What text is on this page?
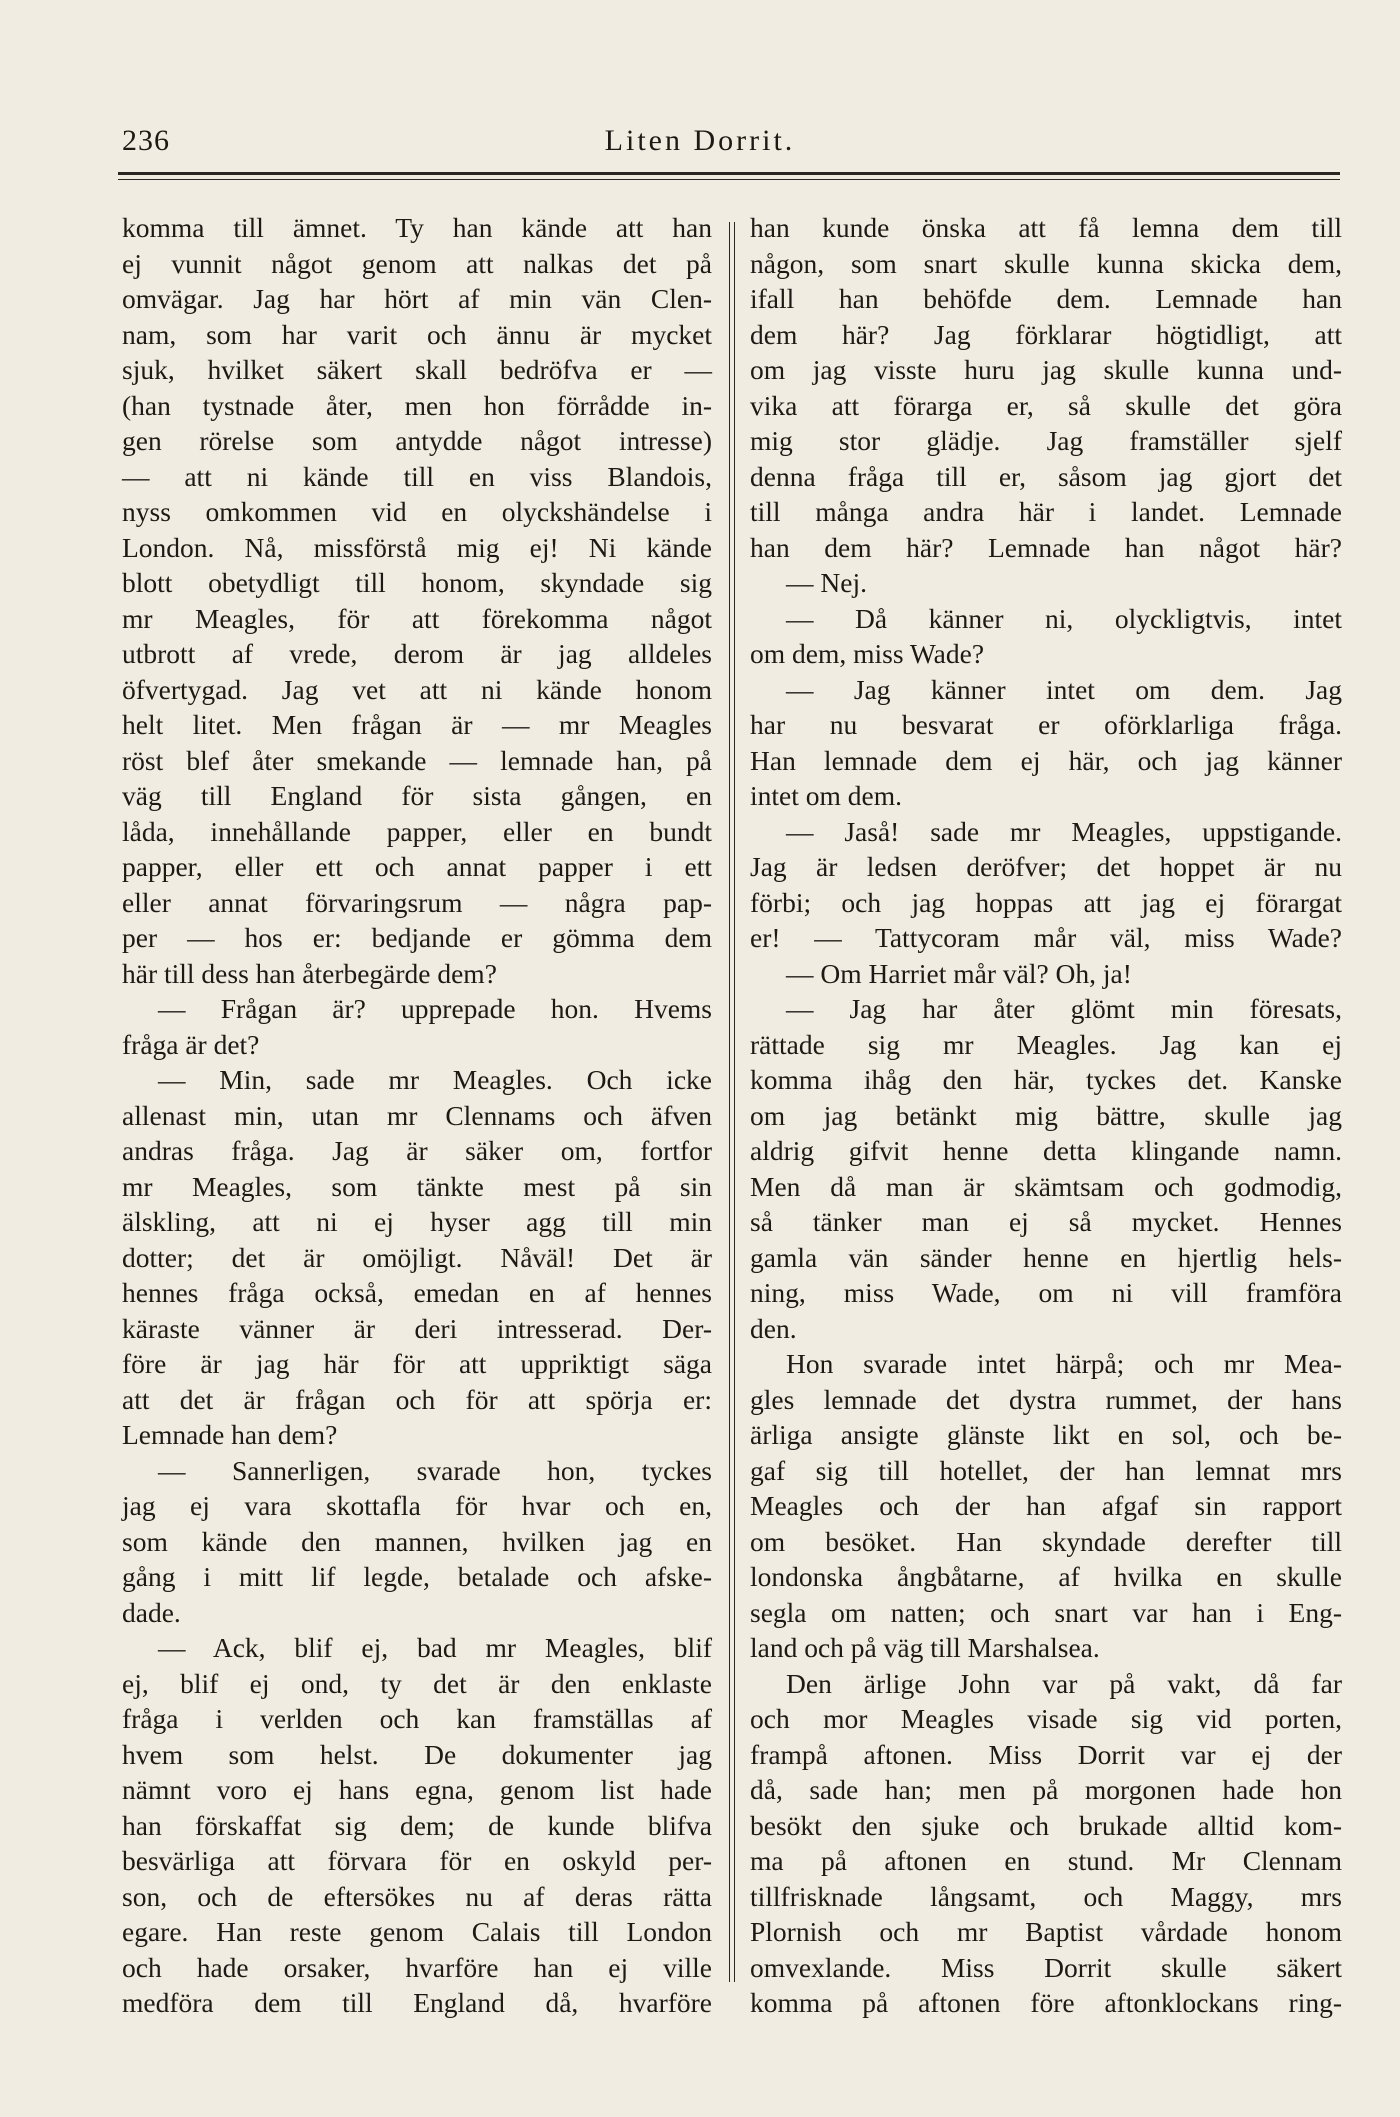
236	Liten Dorrit.
komma till ämnet. Ty han kände att han
ej vunnit något genom att nalkas det på
omvägar. Jag har hört af min vän Clen-
nam, som har varit och ännu är mycket
sjuk, hvilket säkert skall bedröfva er —
(han tystnade åter, men hon förrådde in-
gen rörelse som antydde något intresse)
— att ni kände till en viss Blandois,
nyss omkommen vid en olyckshändelse i
London. Nå, missförstå mig ej! Ni kände
blott obetydligt till honom, skyndade sig
mr Meagles, för att förekomma något
utbrott af vrede, derom är jag alldeles
öfvertygad. Jag vet att ni kände honom
helt litet. Men frågan är — mr Meagles
röst blef åter smekande — lemnade han, på
väg till England för sista gången, en
låda, innehållande papper, eller en bundt
papper, eller ett och annat papper i ett
eller annat förvaringsrum — några pap-
per — hos er: bedjande er gömma dem
här till dess han återbegärde dem?
— Frågan är? upprepade hon. Hvems
fråga är det?
— Min, sade mr Meagles. Och icke
allenast min, utan mr Clennams och äfven
andras fråga. Jag är säker om, fortfor
mr Meagles, som tänkte mest på sin
älskling, att ni ej hyser agg till min
dotter; det är omöjligt. Nåväl! Det är
hennes fråga också, emedan en af hennes
käraste vänner är deri intresserad. Der-
före är jag här för att uppriktigt säga
att det är frågan och för att spörja er:
Lemnade han dem?
— Sannerligen, svarade hon, tyckes
jag ej vara skottafla för hvar och en,
som kände den mannen, hvilken jag en
gång i mitt lif legde, betalade och afske-
dade.
— Ack, blif ej, bad mr Meagles, blif
ej, blif ej ond, ty det är den enklaste
fråga i verlden och kan framställas af
hvem som helst. De dokumenter jag
nämnt voro ej hans egna, genom list hade
han förskaffat sig dem; de kunde blifva
besvärliga att förvara för en oskyld per-
son, och de eftersökes nu af deras rätta
egare. Han reste genom Calais till London
och hade orsaker, hvarföre han ej ville
medföra dem till England då, hvarföre
han kunde önska att få lemna dem till
någon, som snart skulle kunna skicka dem,
ifall han behöfde dem. Lemnade han
dem här? Jag förklarar högtidligt, att
om jag visste huru jag skulle kunna und-
vika att förarga er, så skulle det göra
mig stor glädje. Jag framställer sjelf
denna fråga till er, såsom jag gjort det
till många andra här i landet. Lemnade
han dem här? Lemnade han något här?
— Nej.
— Då känner ni, olyckligtvis, intet
om dem, miss Wade?
— Jag känner intet om dem. Jag
har nu besvarat er oförklarliga fråga.
Han lemnade dem ej här, och jag känner
intet om dem.
— Jaså! sade mr Meagles, uppstigande.
Jag är ledsen deröfver; det hoppet är nu
förbi; och jag hoppas att jag ej förargat
er! — Tattycoram mår väl, miss Wade?
— Om Harriet mår väl? Oh, ja!
— Jag har åter glömt min föresats,
rättade sig mr Meagles. Jag kan ej
komma ihåg den här, tyckes det. Kanske
om jag betänkt mig bättre, skulle jag
aldrig gifvit henne detta klingande namn.
Men då man är skämtsam och godmodig,
så tänker man ej så mycket. Hennes
gamla vän sänder henne en hjertlig hels-
ning, miss Wade, om ni vill framföra
den.
Hon svarade intet härpå; och mr Mea-
gles lemnade det dystra rummet, der hans
ärliga ansigte glänste likt en sol, och be-
gaf sig till hotellet, der han lemnat mrs
Meagles och der han afgaf sin rapport
om besöket. Han skyndade derefter till
londonska ångbåtarne, af hvilka en skulle
segla om natten; och snart var han i Eng-
land och på väg till Marshalsea.
Den ärlige John var på vakt, då far
och mor Meagles visade sig vid porten,
frampå aftonen. Miss Dorrit var ej der
då, sade han; men på morgonen hade hon
besökt den sjuke och brukade alltid kom-
ma på aftonen en stund. Mr Clennam
tillfrisknade långsamt, och Maggy, mrs
Plornish och mr Baptist vårdade honom
omvexlande. Miss Dorrit skulle säkert
komma på aftonen före aftonklockans ring-
